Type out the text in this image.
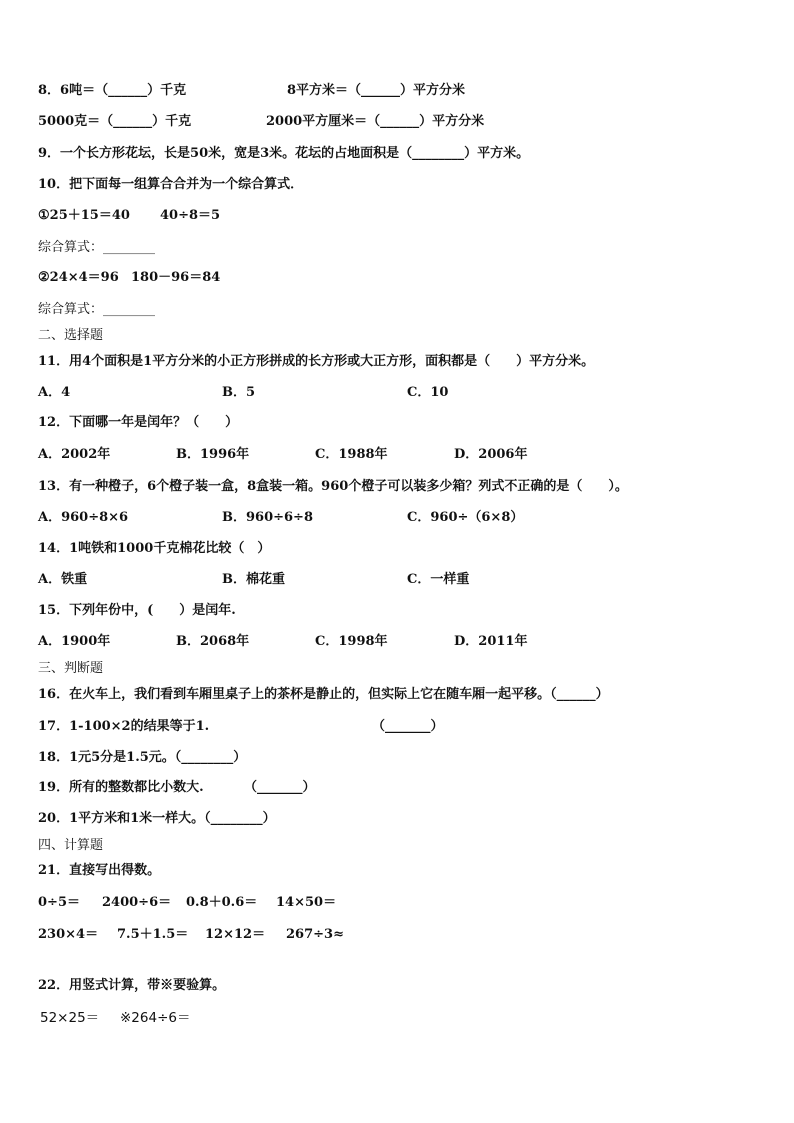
8．6吨＝（______）千克	8平方米＝（______）平方分米
5000克＝（______）千克	2000平方厘米＝（______）平方分米
9．一个长方形花坛，长是50米，宽是3米。花坛的占地面积是（________）平方米。
10．把下面每一组算合合并为一个综合算式．
①25＋15＝40 40÷8＝5
综合算式：________
②24×4＝96 180－96＝84
综合算式：________
二、选择题
11．用4个面积是1平方分米的小正方形拼成的长方形或大正方形，面积都是（　　）平方分米。
A．4	B．5	C．10
12．下面哪一年是闰年？（　　）
A．2002年	B．1996年	C．1988年	D．2006年
13．有一种橙子，6个橙子装一盒，8盒装一箱。960个橙子可以装多少箱？列式不正确的是（　　）。
A．960÷8×6	B．960÷6÷8	C．960÷（6×8）
14．1吨铁和1000千克棉花比较（　）
A．铁重	B．棉花重	C．一样重
15．下列年份中，(　　）是闰年.
A．1900年	B．2068年	C．1998年	D．2011年
三、判断题
16．在火车上，我们看到车厢里桌子上的茶杯是静止的，但实际上它在随车厢一起平移。（______）
17．1-100×2的结果等于1.	（_______）
18．1元5分是1.5元。（________）
19．所有的整数都比小数大.	（_______）
20．1平方米和1米一样大。（________）
四、计算题
21．直接写出得数。
0÷5＝ 2400÷6＝ 0.8＋0.6＝ 14×50＝
230×4＝ 7.5＋1.5＝ 12×12＝ 267÷3≈
22．用竖式计算，带※要验算。
52×25＝ ※264÷6＝
